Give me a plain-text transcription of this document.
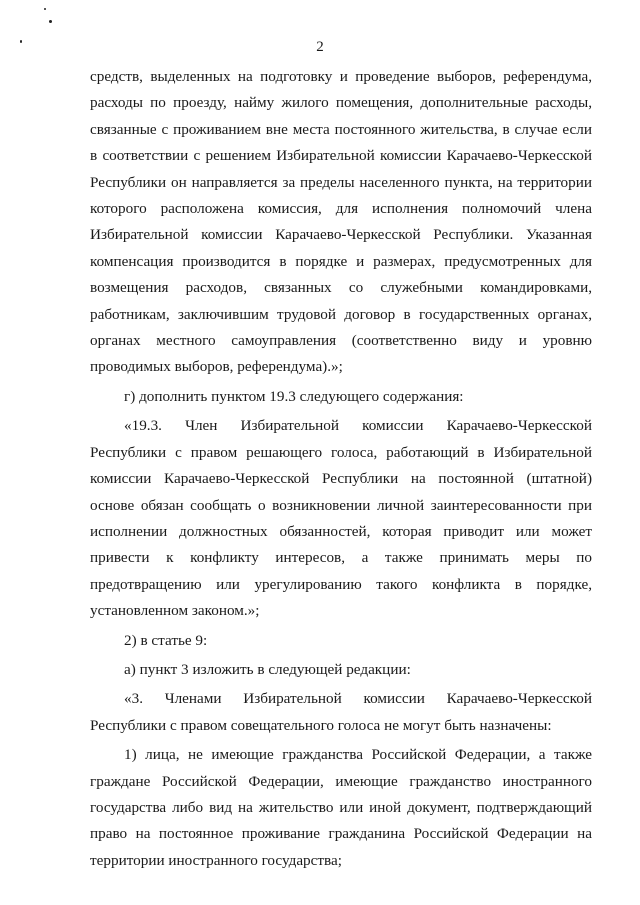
2

средств, выделенных на подготовку и проведение выборов, референдума, расходы по проезду, найму жилого помещения, дополнительные расходы, связанные с проживанием вне места постоянного жительства, в случае если в соответствии с решением Избирательной комиссии Карачаево-Черкесской Республики он направляется за пределы населенного пункта, на территории которого расположена комиссия, для исполнения полномочий члена Избирательной комиссии Карачаево-Черкесской Республики. Указанная компенсация производится в порядке и размерах, предусмотренных для возмещения расходов, связанных со служебными командировками, работникам, заключившим трудовой договор в государственных органах, органах местного самоуправления (соответственно виду и уровню проводимых выборов, референдума).»;

г) дополнить пунктом 19.3 следующего содержания:

«19.3. Член Избирательной комиссии Карачаево-Черкесской Республики с правом решающего голоса, работающий в Избирательной комиссии Карачаево-Черкесской Республики на постоянной (штатной) основе обязан сообщать о возникновении личной заинтересованности при исполнении должностных обязанностей, которая приводит или может привести к конфликту интересов, а также принимать меры по предотвращению или урегулированию такого конфликта в порядке, установленном законом.»;

2) в статье 9:

а) пункт 3 изложить в следующей редакции:

«3. Членами Избирательной комиссии Карачаево-Черкесской Республики с правом совещательного голоса не могут быть назначены:

1) лица, не имеющие гражданства Российской Федерации, а также граждане Российской Федерации, имеющие гражданство иностранного государства либо вид на жительство или иной документ, подтверждающий право на постоянное проживание гражданина Российской Федерации на территории иностранного государства;
